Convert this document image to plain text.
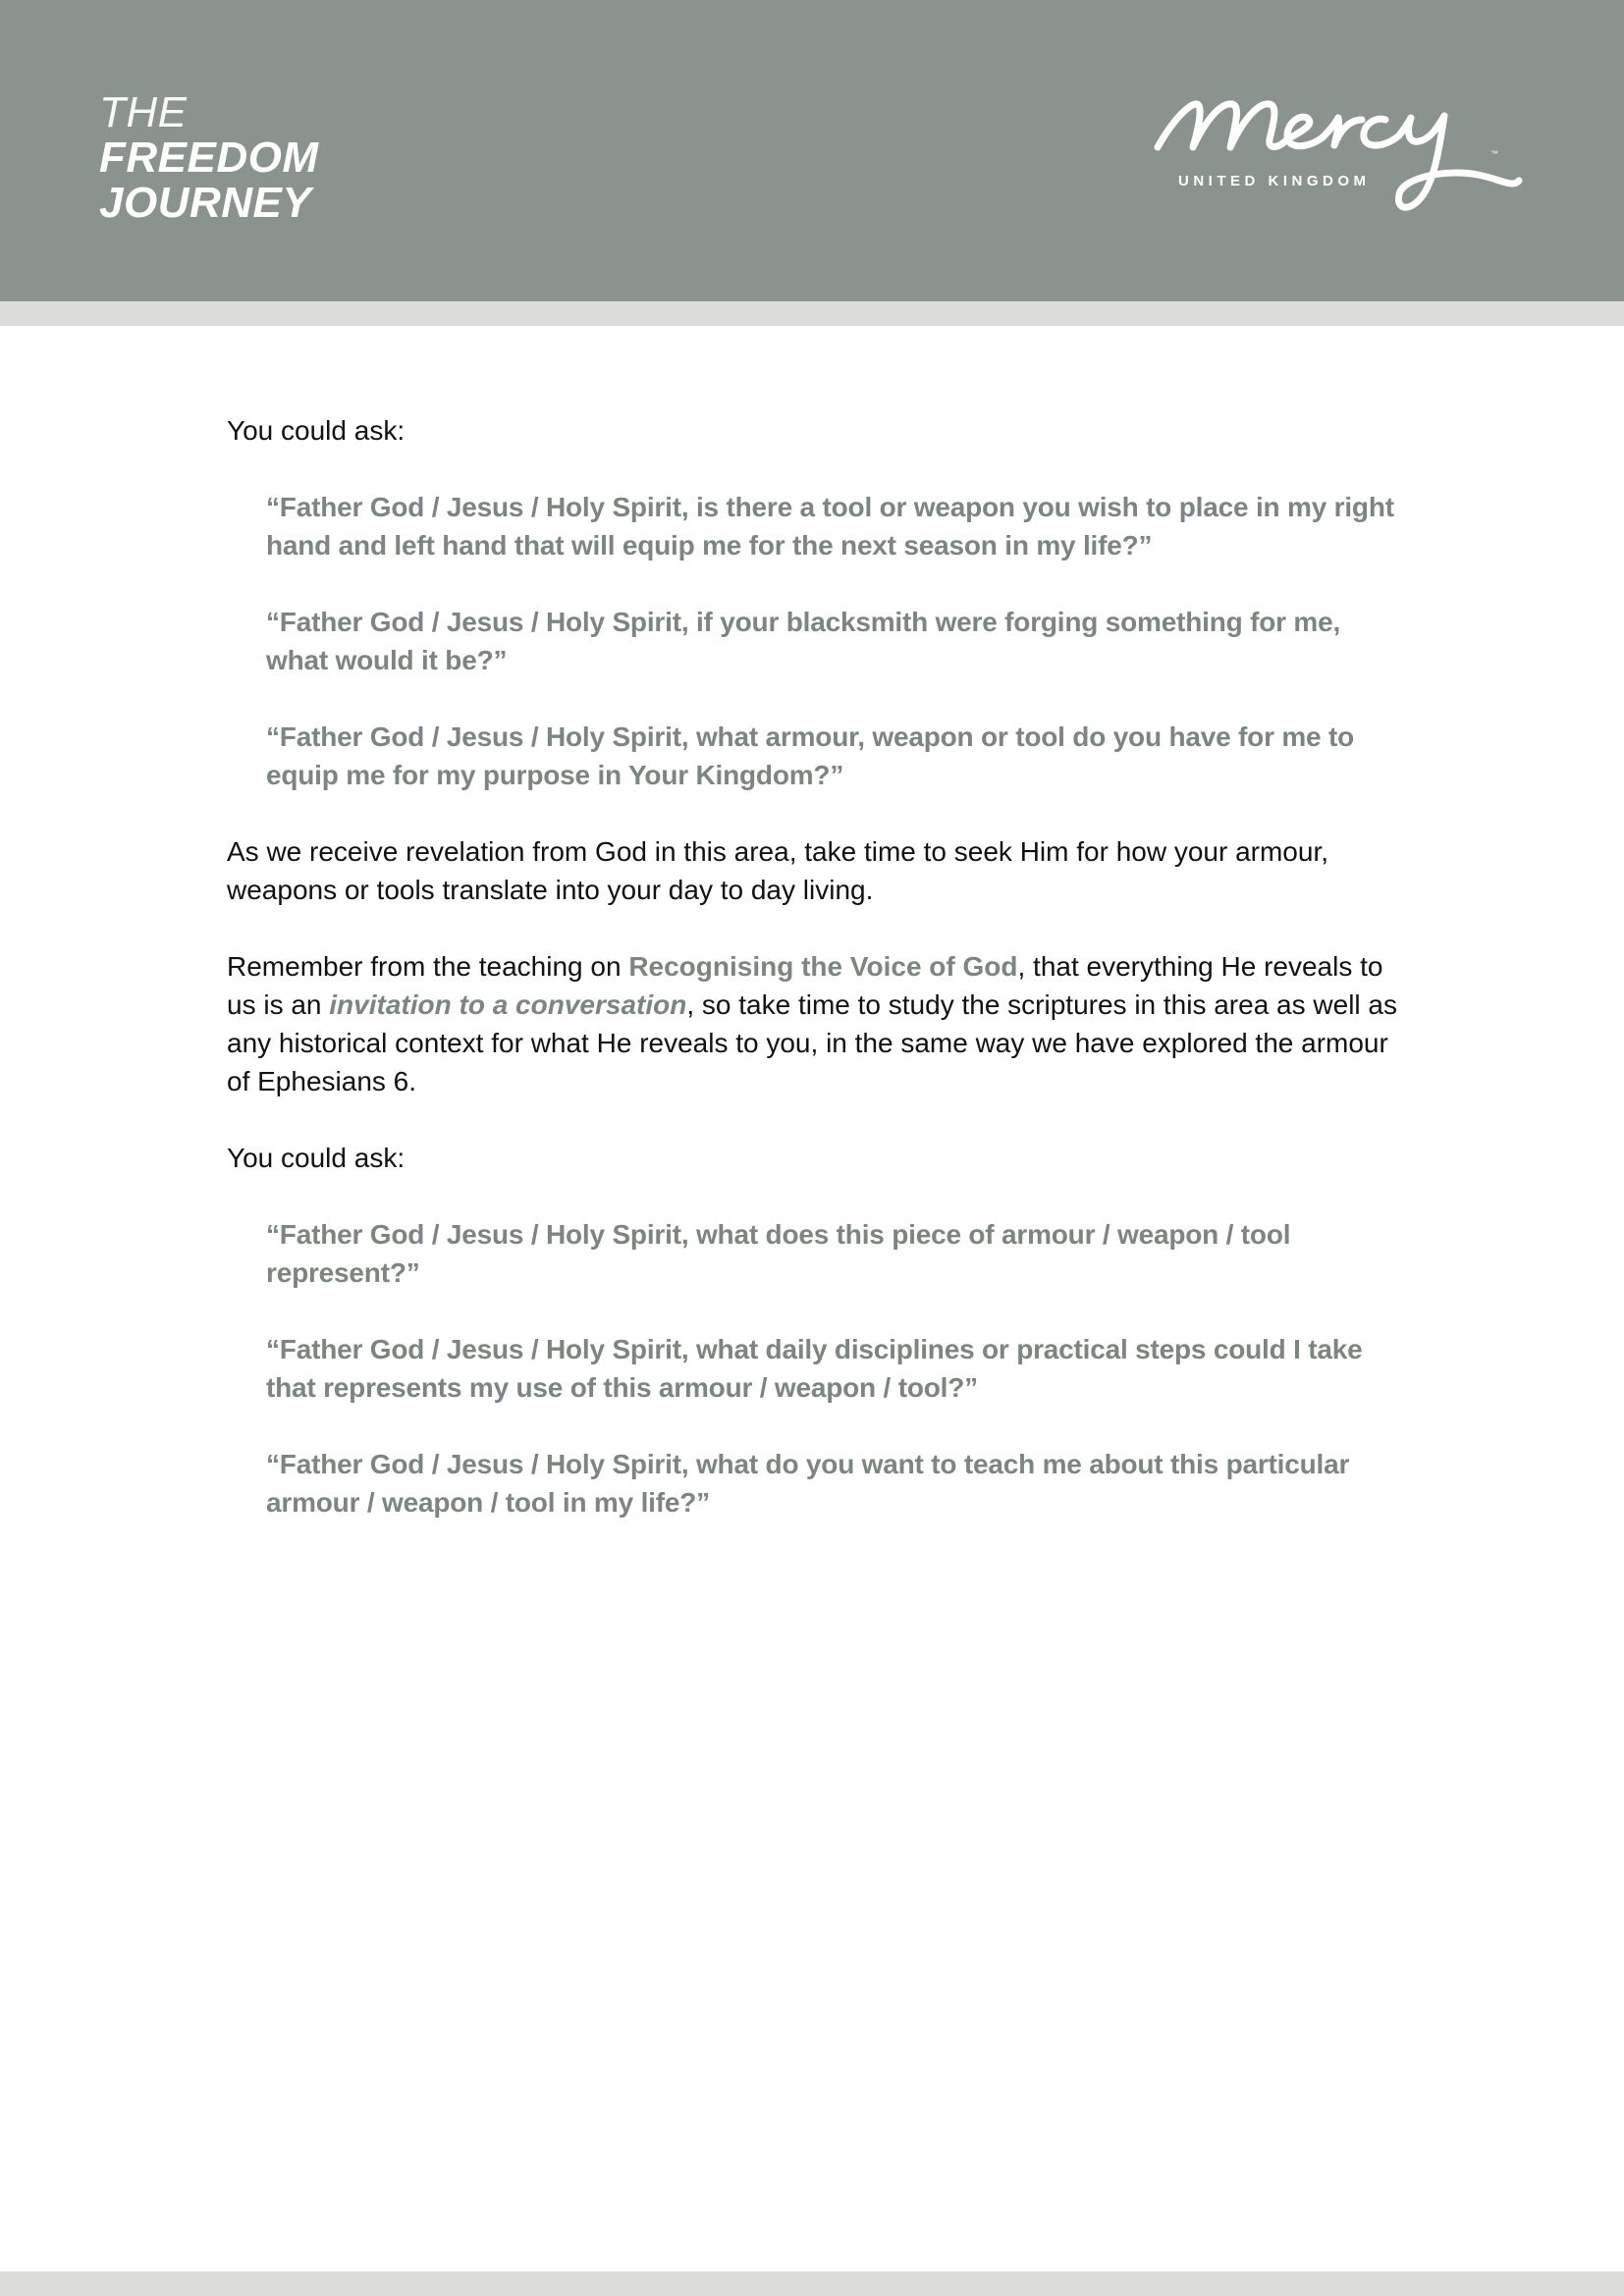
THE
FREEDOM
JOURNEY	UNITED KINGDOM
™

You could ask:

“Father God / Jesus / Holy Spirit, is there a tool or weapon you wish to place in my right hand and left hand that will equip me for the next season in my life?”

“Father God / Jesus / Holy Spirit, if your blacksmith were forging something for me, what would it be?”

“Father God / Jesus / Holy Spirit, what armour, weapon or tool do you have for me to equip me for my purpose in Your Kingdom?”

As we receive revelation from God in this area, take time to seek Him for how your armour, weapons or tools translate into your day to day living.

Remember from the teaching on Recognising the Voice of God, that everything He reveals to us is an invitation to a conversation, so take time to study the scriptures in this area as well as any historical context for what He reveals to you, in the same way we have explored the armour of Ephesians 6.

You could ask:

“Father God / Jesus / Holy Spirit, what does this piece of armour / weapon / tool represent?”

“Father God / Jesus / Holy Spirit, what daily disciplines or practical steps could I take that represents my use of this armour / weapon / tool?”

“Father God / Jesus / Holy Spirit, what do you want to teach me about this particular armour / weapon / tool in my life?”
